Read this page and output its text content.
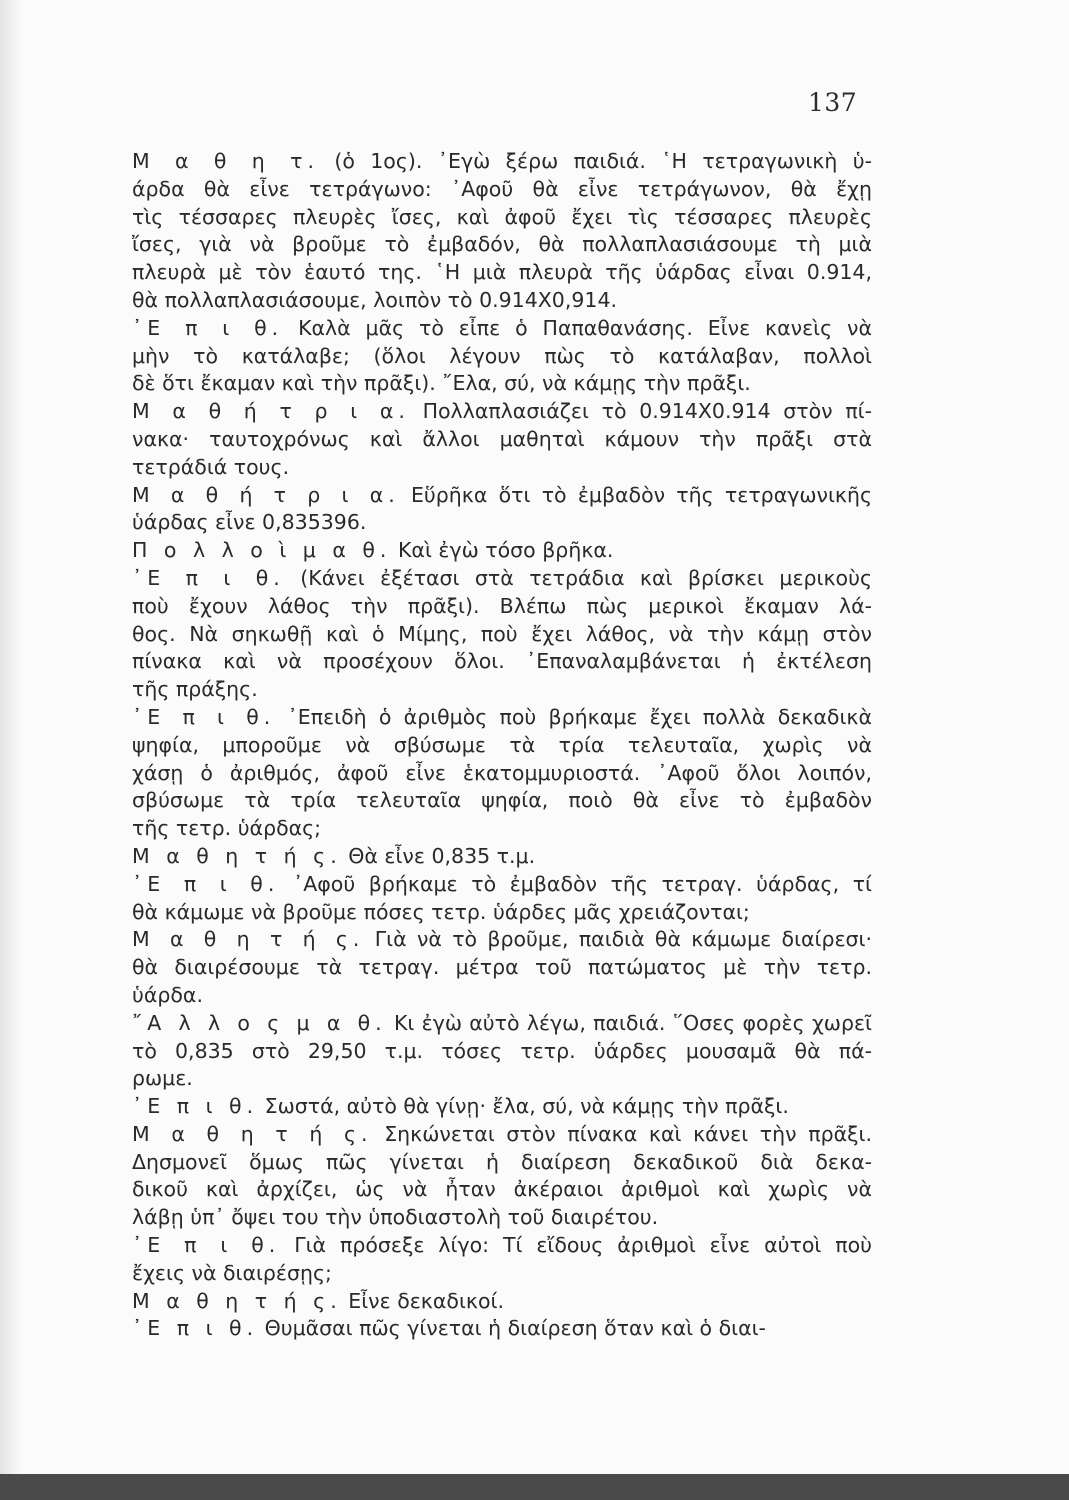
137
Μ α θ η τ. (ὁ 1ος). ᾿Εγὼ ξέρω παιδιά. ῾Η τετραγωνικὴ ὑ-
άρδα θὰ εἶνε τετράγωνο: ᾿Αφοῦ θὰ εἶνε τετράγωνον, θὰ ἔχῃ
τὶς τέσσαρες πλευρὲς ἴσες, καὶ ἀφοῦ ἔχει τὶς τέσσαρες πλευρὲς
ἴσες, γιὰ νὰ βροῦμε τὸ ἐμβαδόν, θὰ πολλαπλασιάσουμε τὴ μιὰ
πλευρὰ μὲ τὸν ἑαυτό της. ῾Η μιὰ πλευρὰ τῆς ὑάρδας εἶναι 0.914,
θὰ πολλαπλασιάσουμε, λοιπὸν τὸ 0.914Χ0,914.
᾿Ε π ι θ. Καλὰ μᾶς τὸ εἶπε ὁ Παπαθανάσης. Εἶνε κανεὶς νὰ
μὴν τὸ κατάλαβε; (ὅλοι λέγουν πὼς τὸ κατάλαβαν, πολλοὶ
δὲ ὅτι ἔκαμαν καὶ τὴν πρᾶξι). ῎Ελα, σύ, νὰ κάμῃς τὴν πρᾶξι.
Μ α θ ή τ ρ ι α. Πολλαπλασιάζει τὸ 0.914Χ0.914 στὸν πί-
νακα· ταυτοχρόνως καὶ ἄλλοι μαθηταὶ κάμουν τὴν πρᾶξι στὰ
τετράδιά τους.
Μ α θ ή τ ρ ι α. Εὕρῆκα ὅτι τὸ ἐμβαδὸν τῆς τετραγωνικῆς
ὑάρδας εἶνε 0,835396.
Π ο λ λ ο ὶ μ α θ. Καὶ ἐγὼ τόσο βρῆκα.
᾿Ε π ι θ. (Κάνει ἐξέτασι στὰ τετράδια καὶ βρίσκει μερικοὺς
ποὺ ἔχουν λάθος τὴν πρᾶξι). Βλέπω πὼς μερικοὶ ἔκαμαν λά-
θος. Νὰ σηκωθῇ καὶ ὁ Μίμης, ποὺ ἔχει λάθος, νὰ τὴν κάμῃ στὸν
πίνακα καὶ νὰ προσέχουν ὅλοι. ᾿Επαναλαμβάνεται ἡ ἐκτέλεση
τῆς πράξης.
᾿Ε π ι θ. ᾿Επειδὴ ὁ ἀριθμὸς ποὺ βρήκαμε ἔχει πολλὰ δεκαδικὰ
ψηφία, μποροῦμε νὰ σβύσωμε τὰ τρία τελευταῖα, χωρὶς νὰ
χάσῃ ὁ ἀριθμός, ἀφοῦ εἶνε ἑκατομμυριοστά. ᾿Αφοῦ ὅλοι λοιπόν,
σβύσωμε τὰ τρία τελευταῖα ψηφία, ποιὸ θὰ εἶνε τὸ ἐμβαδὸν
τῆς τετρ. ὑάρδας;
Μ α θ η τ ή ς. Θὰ εἶνε 0,835 τ.μ.
᾿Ε π ι θ. ᾿Αφοῦ βρήκαμε τὸ ἐμβαδὸν τῆς τετραγ. ὑάρδας, τί
θὰ κάμωμε νὰ βροῦμε πόσες τετρ. ὑάρδες μᾶς χρειάζονται;
Μ α θ η τ ή ς. Γιὰ νὰ τὸ βροῦμε, παιδιὰ θὰ κάμωμε διαίρεσι·
θὰ διαιρέσουμε τὰ τετραγ. μέτρα τοῦ πατώματος μὲ τὴν τετρ.
ὑάρδα.
῎Α λ λ ο ς μ α θ. Κι ἐγὼ αὐτὸ λέγω, παιδιά. ῞Οσες φορὲς χωρεῖ
τὸ 0,835 στὸ 29,50 τ.μ. τόσες τετρ. ὑάρδες μουσαμᾶ θὰ πά-
ρωμε.
᾿Ε π ι θ. Σωστά, αὐτὸ θὰ γίνῃ· ἔλα, σύ, νὰ κάμῃς τὴν πρᾶξι.
Μ α θ η τ ή ς. Σηκώνεται στὸν πίνακα καὶ κάνει τὴν πρᾶξι.
Δησμονεῖ ὅμως πῶς γίνεται ἡ διαίρεση δεκαδικοῦ διὰ δεκα-
δικοῦ καὶ ἀρχίζει, ὡς νὰ ἦταν ἀκέραιοι ἀριθμοὶ καὶ χωρὶς νὰ
λάβῃ ὑπ᾿ ὄψει του τὴν ὑποδιαστολὴ τοῦ διαιρέτου.
᾿Ε π ι θ. Γιὰ πρόσεξε λίγο: Τί εἴδους ἀριθμοὶ εἶνε αὐτοὶ ποὺ
ἔχεις νὰ διαιρέσῃς;
Μ α θ η τ ή ς. Εἶνε δεκαδικοί.
᾿Ε π ι θ. Θυμᾶσαι πῶς γίνεται ἡ διαίρεση ὅταν καὶ ὁ διαι-
